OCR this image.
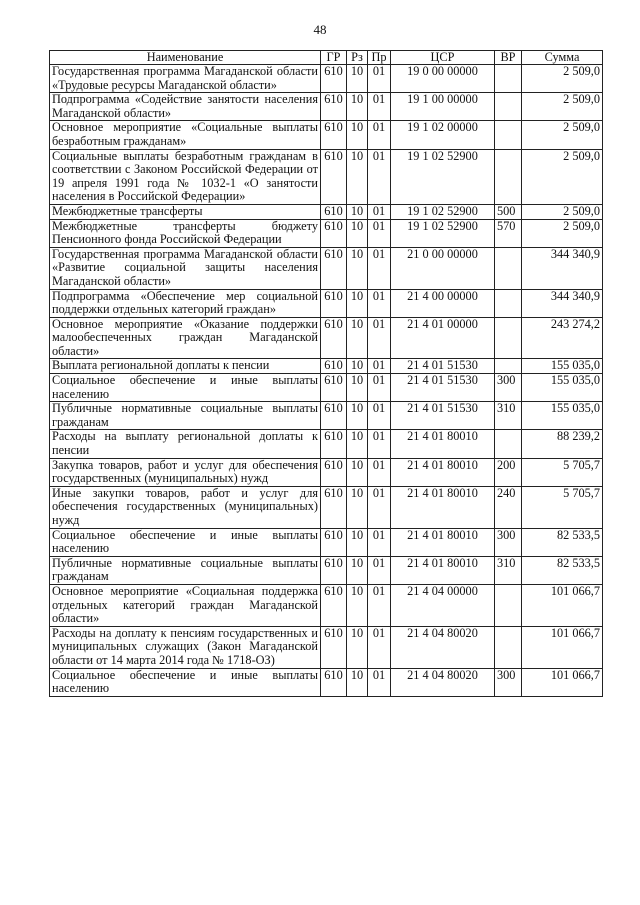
48
Наименование	ГР	Рз	Пр	ЦСР	ВР	Сумма
Государственная программа Магаданской области «Трудовые ресурсы Магаданской области»	610	10	01	19 0 00 00000		2 509,0
Подпрограмма «Содействие занятости населения Магаданской области»	610	10	01	19 1 00 00000		2 509,0
Основное мероприятие «Социальные выплаты безработным гражданам»	610	10	01	19 1 02 00000		2 509,0
Социальные выплаты безработным гражданам в соответствии с Законом Российской Федерации от 19 апреля 1991 года № 1032-1 «О занятости населения в Российской Федерации»	610	10	01	19 1 02 52900		2 509,0
Межбюджетные трансферты	610	10	01	19 1 02 52900	500	2 509,0
Межбюджетные трансферты бюджету Пенсионного фонда Российской Федерации	610	10	01	19 1 02 52900	570	2 509,0
Государственная программа Магаданской области «Развитие социальной защиты населения Магаданской области»	610	10	01	21 0 00 00000		344 340,9
Подпрограмма «Обеспечение мер социальной поддержки отдельных категорий граждан»	610	10	01	21 4 00 00000		344 340,9
Основное мероприятие «Оказание поддержки малообеспеченных граждан Магаданской области»	610	10	01	21 4 01 00000		243 274,2
Выплата региональной доплаты к пенсии	610	10	01	21 4 01 51530		155 035,0
Социальное обеспечение и иные выплаты населению	610	10	01	21 4 01 51530	300	155 035,0
Публичные нормативные социальные выплаты гражданам	610	10	01	21 4 01 51530	310	155 035,0
Расходы на выплату региональной доплаты к пенсии	610	10	01	21 4 01 80010		88 239,2
Закупка товаров, работ и услуг для обеспечения государственных (муниципальных) нужд	610	10	01	21 4 01 80010	200	5 705,7
Иные закупки товаров, работ и услуг для обеспечения государственных (муниципальных) нужд	610	10	01	21 4 01 80010	240	5 705,7
Социальное обеспечение и иные выплаты населению	610	10	01	21 4 01 80010	300	82 533,5
Публичные нормативные социальные выплаты гражданам	610	10	01	21 4 01 80010	310	82 533,5
Основное мероприятие «Социальная поддержка отдельных категорий граждан Магаданской области»	610	10	01	21 4 04 00000		101 066,7
Расходы на доплату к пенсиям государственных и муниципальных служащих (Закон Магаданской области от 14 марта 2014 года № 1718-ОЗ)	610	10	01	21 4 04 80020		101 066,7
Социальное обеспечение и иные выплаты населению	610	10	01	21 4 04 80020	300	101 066,7
